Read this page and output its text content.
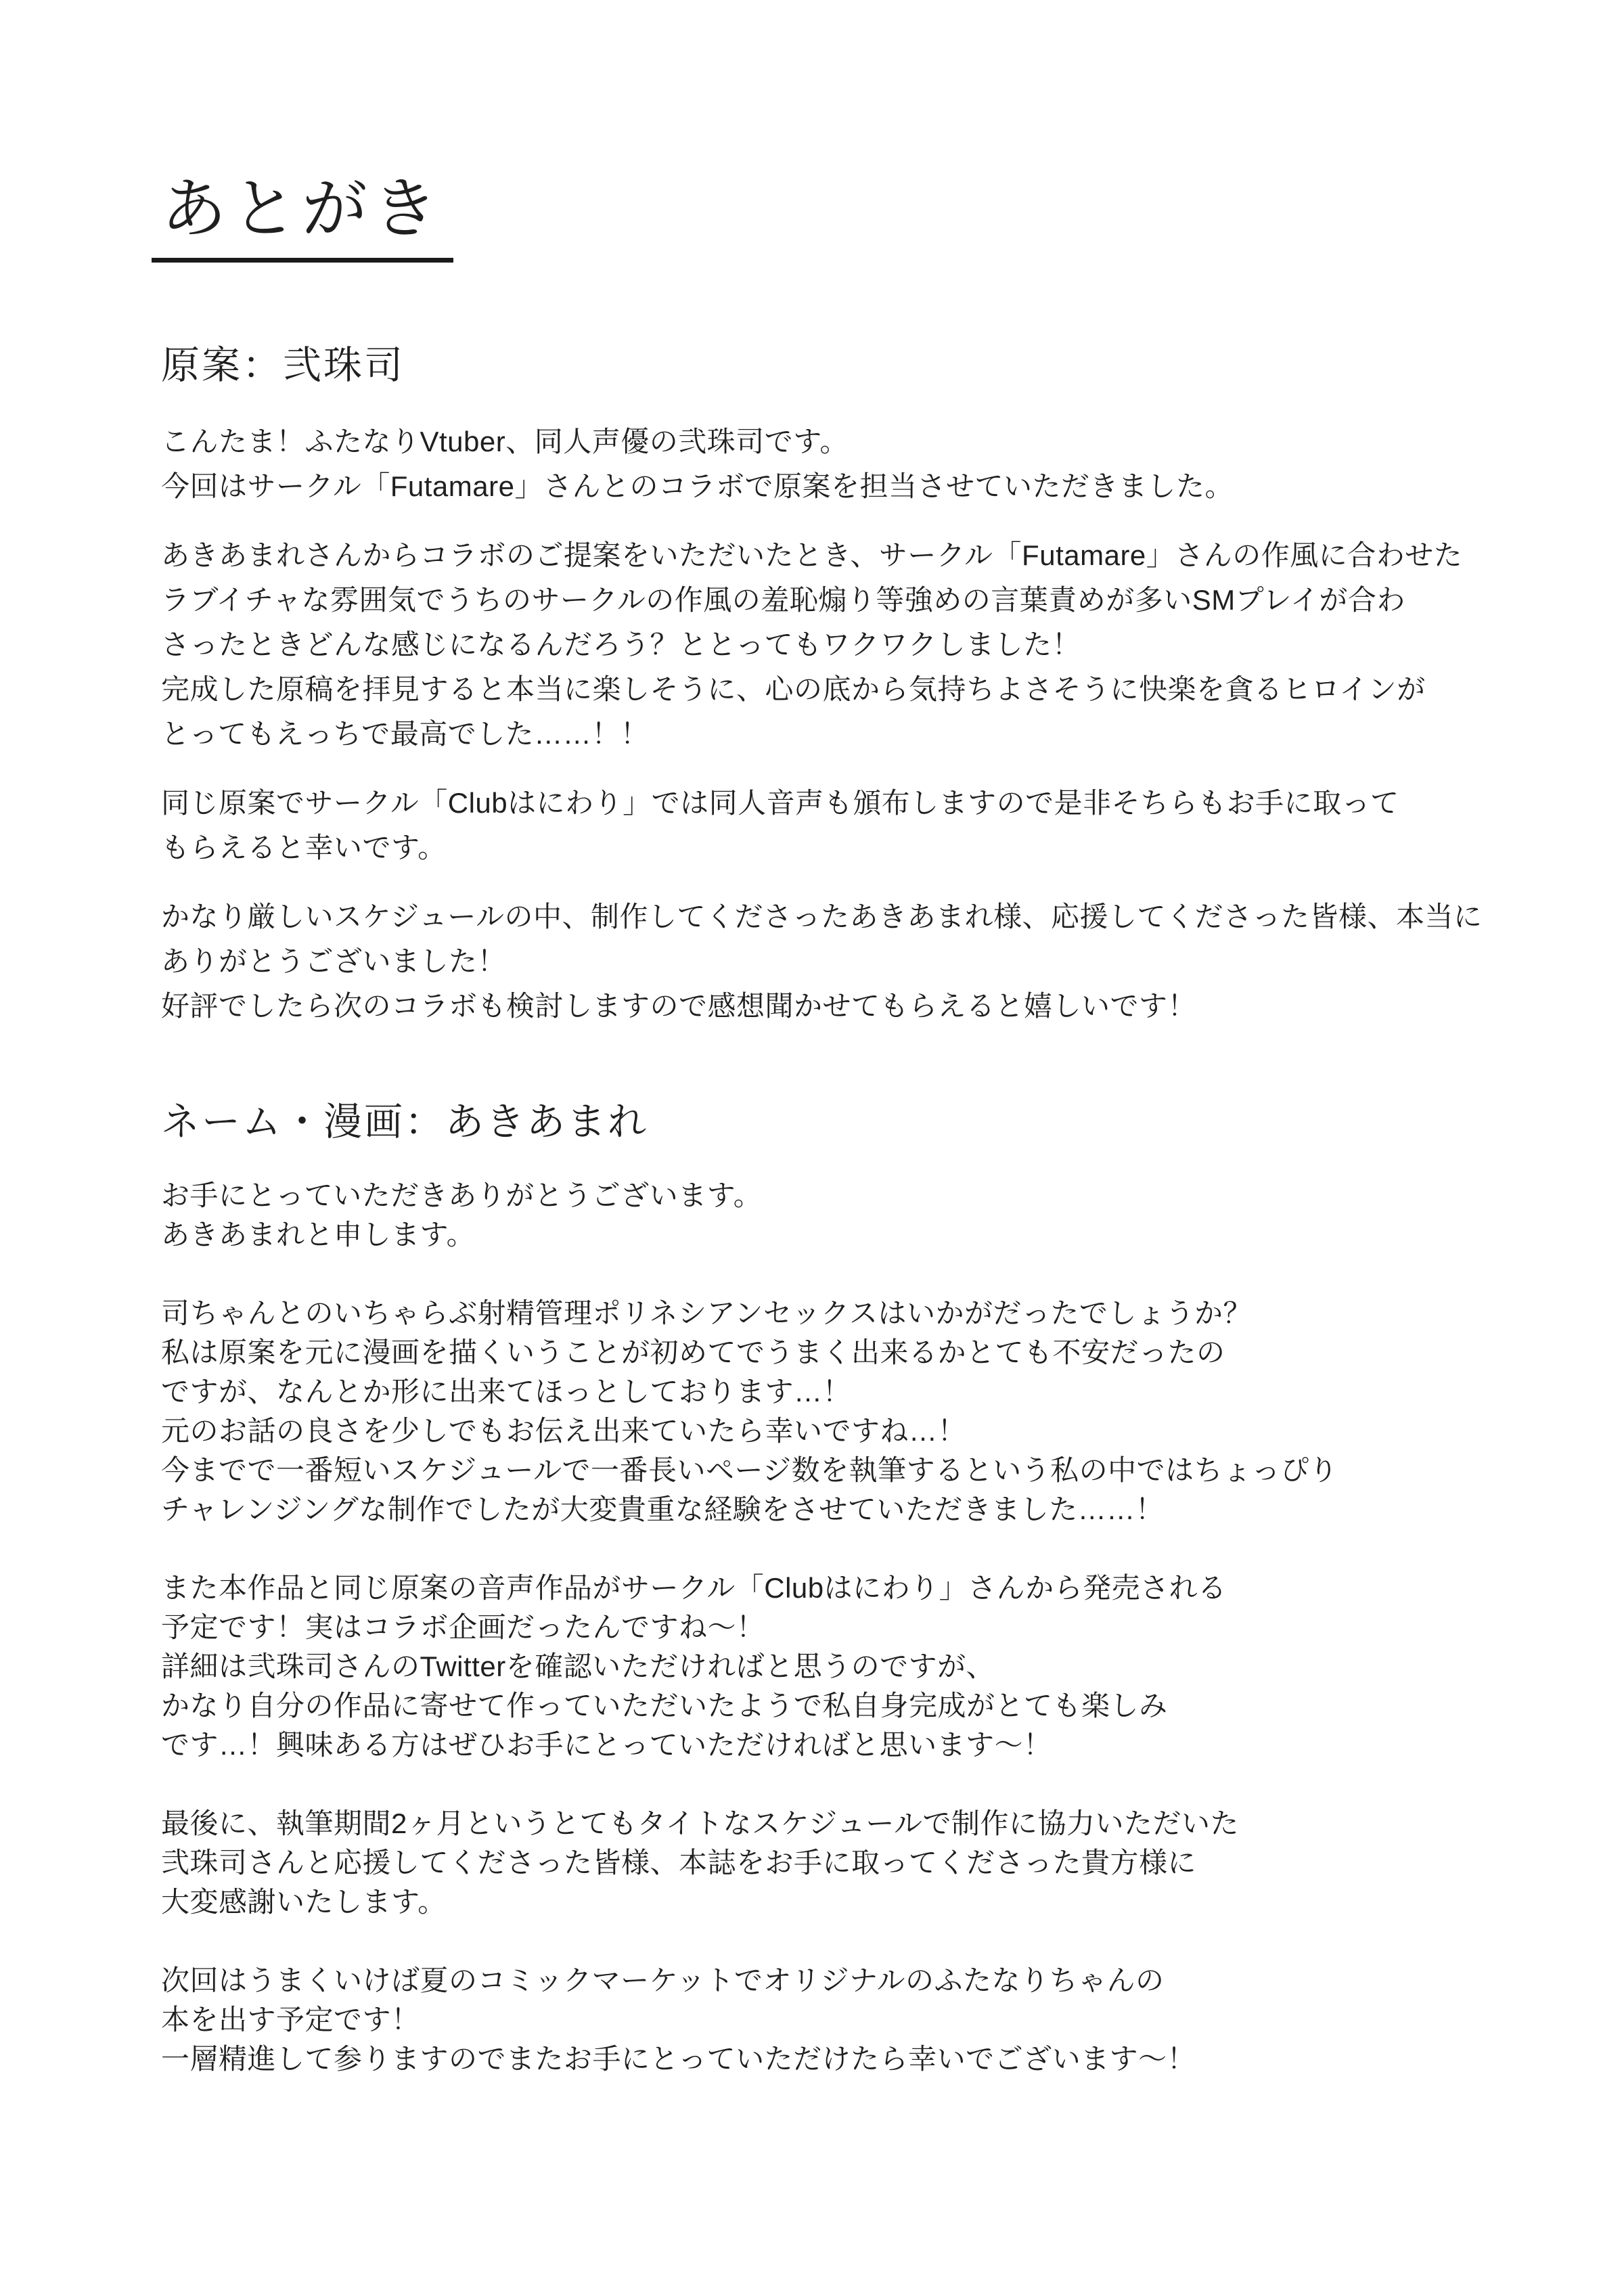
あとがき
原案：弐珠司
こんたま！ふたなりVtuber、同人声優の弐珠司です。
今回はサークル「Futamare」さんとのコラボで原案を担当させていただきました。
あきあまれさんからコラボのご提案をいただいたとき、サークル「Futamare」さんの作風に合わせた
ラブイチャな雰囲気でうちのサークルの作風の羞恥煽り等強めの言葉責めが多いSMプレイが合わ
さったときどんな感じになるんだろう？ととってもワクワクしました！
完成した原稿を拝見すると本当に楽しそうに、心の底から気持ちよさそうに快楽を貪るヒロインが
とってもえっちで最高でした……！！
同じ原案でサークル「Clubはにわり」では同人音声も頒布しますので是非そちらもお手に取って
もらえると幸いです。
かなり厳しいスケジュールの中、制作してくださったあきあまれ様、応援してくださった皆様、本当に
ありがとうございました！
好評でしたら次のコラボも検討しますので感想聞かせてもらえると嬉しいです！
ネーム・漫画：あきあまれ
お手にとっていただきありがとうございます。
あきあまれと申します。
司ちゃんとのいちゃらぶ射精管理ポリネシアンセックスはいかがだったでしょうか？
私は原案を元に漫画を描くいうことが初めてでうまく出来るかとても不安だったの
ですが、なんとか形に出来てほっとしております…！
元のお話の良さを少しでもお伝え出来ていたら幸いですね…！
今までで一番短いスケジュールで一番長いページ数を執筆するという私の中ではちょっぴり
チャレンジングな制作でしたが大変貴重な経験をさせていただきました……！
また本作品と同じ原案の音声作品がサークル「Clubはにわり」さんから発売される
予定です！実はコラボ企画だったんですね～！
詳細は弐珠司さんのTwitterを確認いただければと思うのですが、
かなり自分の作品に寄せて作っていただいたようで私自身完成がとても楽しみ
です…！興味ある方はぜひお手にとっていただければと思います～！
最後に、執筆期間2ヶ月というとてもタイトなスケジュールで制作に協力いただいた
弐珠司さんと応援してくださった皆様、本誌をお手に取ってくださった貴方様に
大変感謝いたします。
次回はうまくいけば夏のコミックマーケットでオリジナルのふたなりちゃんの
本を出す予定です！
一層精進して参りますのでまたお手にとっていただけたら幸いでございます～！
